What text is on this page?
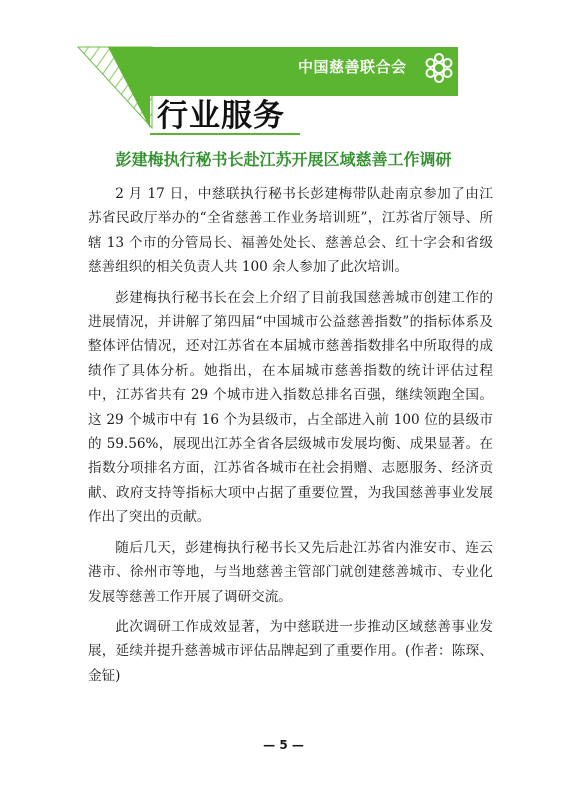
中国慈善联合会
行业服务
彭建梅执行秘书长赴江苏开展区域慈善工作调研

2 月 17 日，中慈联执行秘书长彭建梅带队赴南京参加了由江苏省民政厅举办的“全省慈善工作业务培训班”，江苏省厅领导、所辖 13 个市的分管局长、福善处处长、慈善总会、红十字会和省级慈善组织的相关负责人共 100 余人参加了此次培训。

彭建梅执行秘书长在会上介绍了目前我国慈善城市创建工作的进展情况，并讲解了第四届“中国城市公益慈善指数”的指标体系及整体评估情况，还对江苏省在本届城市慈善指数排名中所取得的成绩作了具体分析。她指出，在本届城市慈善指数的统计评估过程中，江苏省共有 29 个城市进入指数总排名百强，继续领跑全国。这 29 个城市中有 16 个为县级市，占全部进入前 100 位的县级市的 59.56%，展现出江苏全省各层级城市发展均衡、成果显著。在指数分项排名方面，江苏省各城市在社会捐赠、志愿服务、经济贡献、政府支持等指标大项中占据了重要位置，为我国慈善事业发展作出了突出的贡献。

随后几天，彭建梅执行秘书长又先后赴江苏省内淮安市、连云港市、徐州市等地，与当地慈善主管部门就创建慈善城市、专业化发展等慈善工作开展了调研交流。

此次调研工作成效显著，为中慈联进一步推动区域慈善事业发展，延续并提升慈善城市评估品牌起到了重要作用。(作者：陈琛、金钲)

— 5 —
